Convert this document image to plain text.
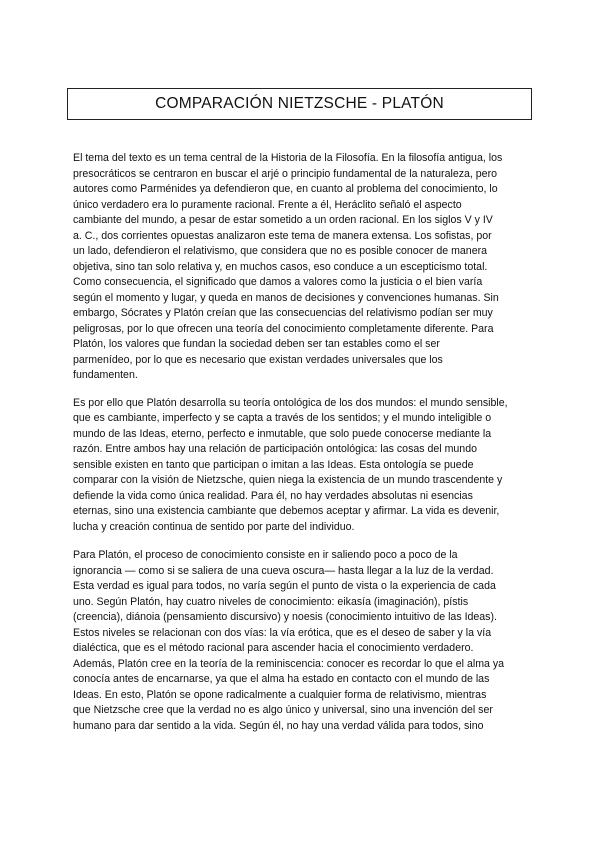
COMPARACIÓN NIETZSCHE - PLATÓN

El tema del texto es un tema central de la Historia de la Filosofía. En la filosofía antigua, los
presocráticos se centraron en buscar el arjé o principio fundamental de la naturaleza, pero
autores como Parménides ya defendieron que, en cuanto al problema del conocimiento, lo
único verdadero era lo puramente racional. Frente a él, Heráclito señaló el aspecto
cambiante del mundo, a pesar de estar sometido a un orden racional. En los siglos V y IV
a. C., dos corrientes opuestas analizaron este tema de manera extensa. Los sofistas, por
un lado, defendieron el relativismo, que considera que no es posible conocer de manera
objetiva, sino tan solo relativa y, en muchos casos, eso conduce a un escepticismo total.
Como consecuencia, el significado que damos a valores como la justicia o el bien varía
según el momento y lugar, y queda en manos de decisiones y convenciones humanas. Sin
embargo, Sócrates y Platón creían que las consecuencias del relativismo podían ser muy
peligrosas, por lo que ofrecen una teoría del conocimiento completamente diferente. Para
Platón, los valores que fundan la sociedad deben ser tan estables como el ser
parmenídeo, por lo que es necesario que existan verdades universales que los
fundamenten.

Es por ello que Platón desarrolla su teoría ontológica de los dos mundos: el mundo sensible,
que es cambiante, imperfecto y se capta a través de los sentidos; y el mundo inteligible o
mundo de las Ideas, eterno, perfecto e inmutable, que solo puede conocerse mediante la
razón. Entre ambos hay una relación de participación ontológica: las cosas del mundo
sensible existen en tanto que participan o imitan a las Ideas. Esta ontología se puede
comparar con la visión de Nietzsche, quien niega la existencia de un mundo trascendente y
defiende la vida como única realidad. Para él, no hay verdades absolutas ni esencias
eternas, sino una existencia cambiante que debemos aceptar y afirmar. La vida es devenir,
lucha y creación continua de sentido por parte del individuo.

Para Platón, el proceso de conocimiento consiste en ir saliendo poco a poco de la
ignorancia — como si se saliera de una cueva oscura— hasta llegar a la luz de la verdad.
Esta verdad es igual para todos, no varía según el punto de vista o la experiencia de cada
uno. Según Platón, hay cuatro niveles de conocimiento: eikasía (imaginación), pístis
(creencia), diánoia (pensamiento discursivo) y noesis (conocimiento intuitivo de las Ideas).
Estos niveles se relacionan con dos vías: la vía erótica, que es el deseo de saber y la vía
dialéctica, que es el método racional para ascender hacia el conocimiento verdadero.
Además, Platón cree en la teoría de la reminiscencia: conocer es recordar lo que el alma ya
conocía antes de encarnarse, ya que el alma ha estado en contacto con el mundo de las
Ideas. En esto, Platón se opone radicalmente a cualquier forma de relativismo, mientras
que Nietzsche cree que la verdad no es algo único y universal, sino una invención del ser
humano para dar sentido a la vida. Según él, no hay una verdad válida para todos, sino
